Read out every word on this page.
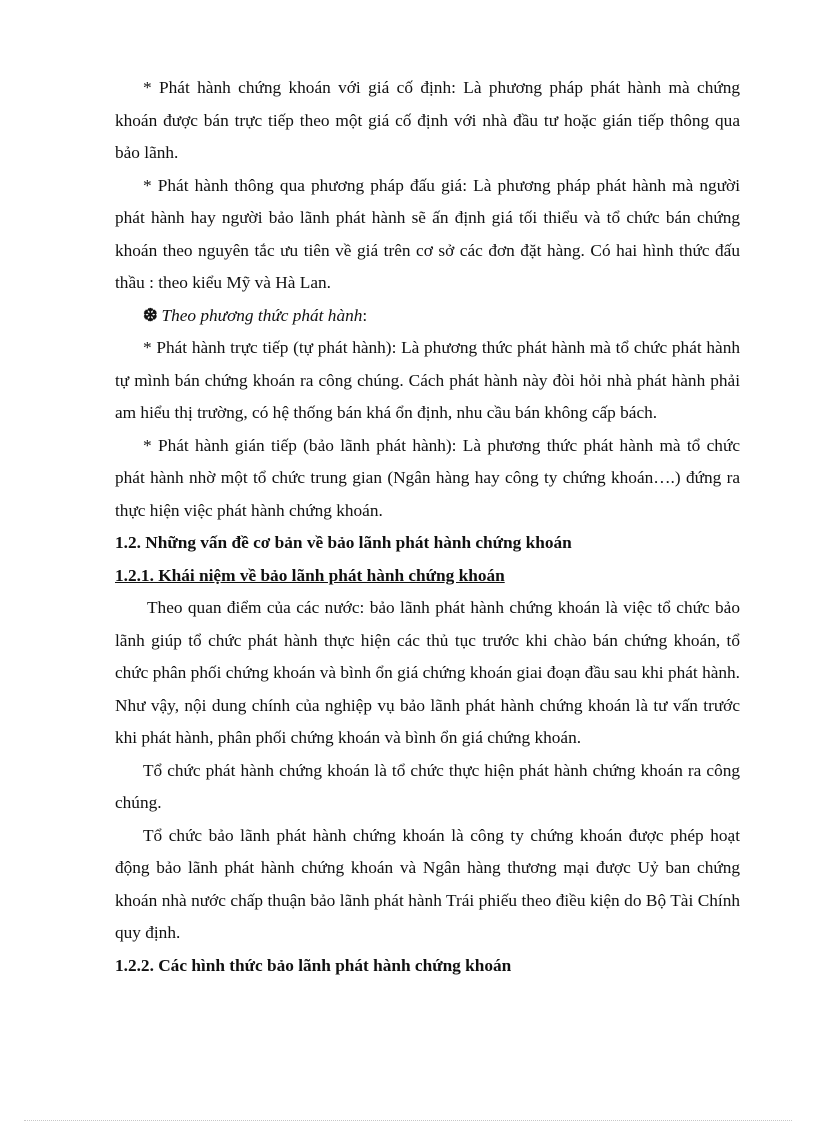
* Phát hành chứng khoán với giá cố định: Là phương pháp phát hành mà chứng khoán được bán trực tiếp theo một giá cố định với nhà đầu tư hoặc gián tiếp thông qua bảo lãnh.

* Phát hành thông qua phương pháp đấu giá: Là phương pháp phát hành mà người phát hành hay người bảo lãnh phát hành sẽ ấn định giá tối thiểu và tổ chức bán chứng khoán theo nguyên tắc ưu tiên về giá trên cơ sở các đơn đặt hàng. Có hai hình thức đấu thầu : theo kiểu Mỹ và Hà Lan.

❆ Theo phương thức phát hành:

* Phát hành trực tiếp (tự phát hành): Là phương thức phát hành mà tổ chức phát hành tự mình bán chứng khoán ra công chúng. Cách phát hành này đòi hỏi nhà phát hành phải am hiểu thị trường, có hệ thống bán khá ổn định, nhu cầu bán không cấp bách.

* Phát hành gián tiếp (bảo lãnh phát hành): Là phương thức phát hành mà tổ chức phát hành nhờ một tổ chức trung gian (Ngân hàng hay công ty chứng khoán….) đứng ra thực hiện việc phát hành chứng khoán.

1.2. Những vấn đề cơ bản về bảo lãnh phát hành chứng khoán

1.2.1. Khái niệm về bảo lãnh phát hành chứng khoán

Theo quan điểm của các nước: bảo lãnh phát hành chứng khoán là việc tổ chức bảo lãnh giúp tổ chức phát hành thực hiện các thủ tục trước khi chào bán chứng khoán, tổ chức phân phối chứng khoán và bình ổn giá chứng khoán giai đoạn đầu sau khi phát hành. Như vậy, nội dung chính của nghiệp vụ bảo lãnh phát hành chứng khoán là tư vấn trước khi phát hành, phân phối chứng khoán và bình ổn giá chứng khoán.

Tổ chức phát hành chứng khoán là tổ chức thực hiện phát hành chứng khoán ra công chúng.

Tổ chức bảo lãnh phát hành chứng khoán là công ty chứng khoán được phép hoạt động bảo lãnh phát hành chứng khoán và Ngân hàng thương mại được Uỷ ban chứng khoán nhà nước chấp thuận bảo lãnh phát hành Trái phiếu theo điều kiện do Bộ Tài Chính quy định.

1.2.2. Các hình thức bảo lãnh phát hành chứng khoán
